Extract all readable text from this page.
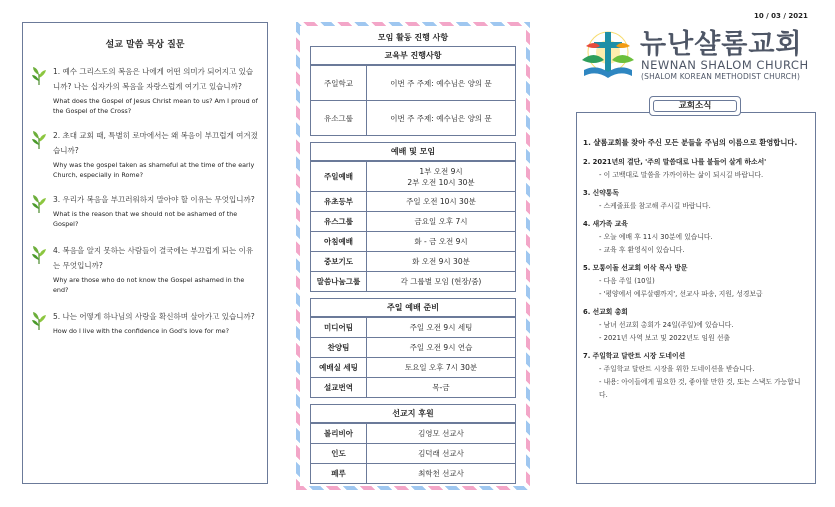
설교 말씀 묵상 질문
1. 예수 그리스도의 복음은 나에게 어떤 의미가 되어지고 있습니까? 나는 십자가의 복음을 자랑스럽게 여기고 있습니까?
What does the Gospel of Jesus Christ mean to us? Am I proud of the Gospel of the Cross?
2. 초대 교회 때, 특별히 로마에서는 왜 복음이 부끄럽게 여겨졌습니까?
Why was the gospel taken as shameful at the time of the early Church, especially in Rome?
3. 우리가 복음을 부끄러워하지 말아야 할 이유는 무엇입니까?
What is the reason that we should not be ashamed of the Gospel?
4. 복음을 알지 못하는 사람들이 결국에는 부끄럽게 되는 이유는 무엇입니까?
Why are those who do not know the Gospel ashamed in the end?
5. 나는 어떻게 하나님의 사랑을 확신하며 살아가고 있습니까?
How do I live with the confidence in God's love for me?
모임 활동 진행 사항
교육부 진행사항
주일학교	이번 주 주제: 예수님은 양의 문
유소그룹	이번 주 주제: 예수님은 양의 문
예배 및 모임
주일예배	1부 오전 9시
2부 오전 10시 30분

유초등부	주일 오전 10시 30분
유스그룹	금요일 오후 7시
아침예배	화 - 금 오전 9시
중보기도	화 오전 9시 30분
말씀나눔그룹	각 그룹별 모임 (현장/줌)
주일 예배 준비
미디어팀	주일 오전 9시 세팅
찬양팀	주일 오전 9시 연습
예배실 세팅	토요일 오후 7시 30분
설교번역	목-금
선교지 후원
볼리비아	김영모 선교사
인도	김덕래 선교사
페루	최학천 선교사
10 / 03 / 2021
뉴난샬롬교회
NEWNAN SHALOM CHURCH
(SHALOM KOREAN METHODIST CHURCH)
1. 샬롬교회를 찾아 주신 모든 분들을 주님의 이름으로 환영합니다.
2. 2021년의 결단, '주의 말씀대로 나를 붙들어 살게 하소서'
- 이 고백대로 말씀을 가까이하는 삶이 되시길 바랍니다.
3. 신약통독
- 스케줄표를 참고해 주시길 바랍니다.
4. 새가족 교육
- 오늘 예배 후 11시 30분에 있습니다.
- 교육 후 환영식이 있습니다.
5. 모통이돌 선교회 이삭 목사 방문
- 다음 주일 (10일)
- '평양에서 예루살렘까지', 선교사 파송, 지원, 성경보급
6. 선교회 총회
- 남녀 선교회 총회가 24일(주일)에 있습니다.
- 2021년 사역 보고 및 2022년도 임원 선출
7. 주일학교 달란트 시장 도네이션
- 주일학교 달란트 시장을 위한 도네이션을 받습니다.
- 내용: 아이들에게 필요한 것, 좋아할 만한 것, 또는 스낵도 가능합니다.
교회소식
